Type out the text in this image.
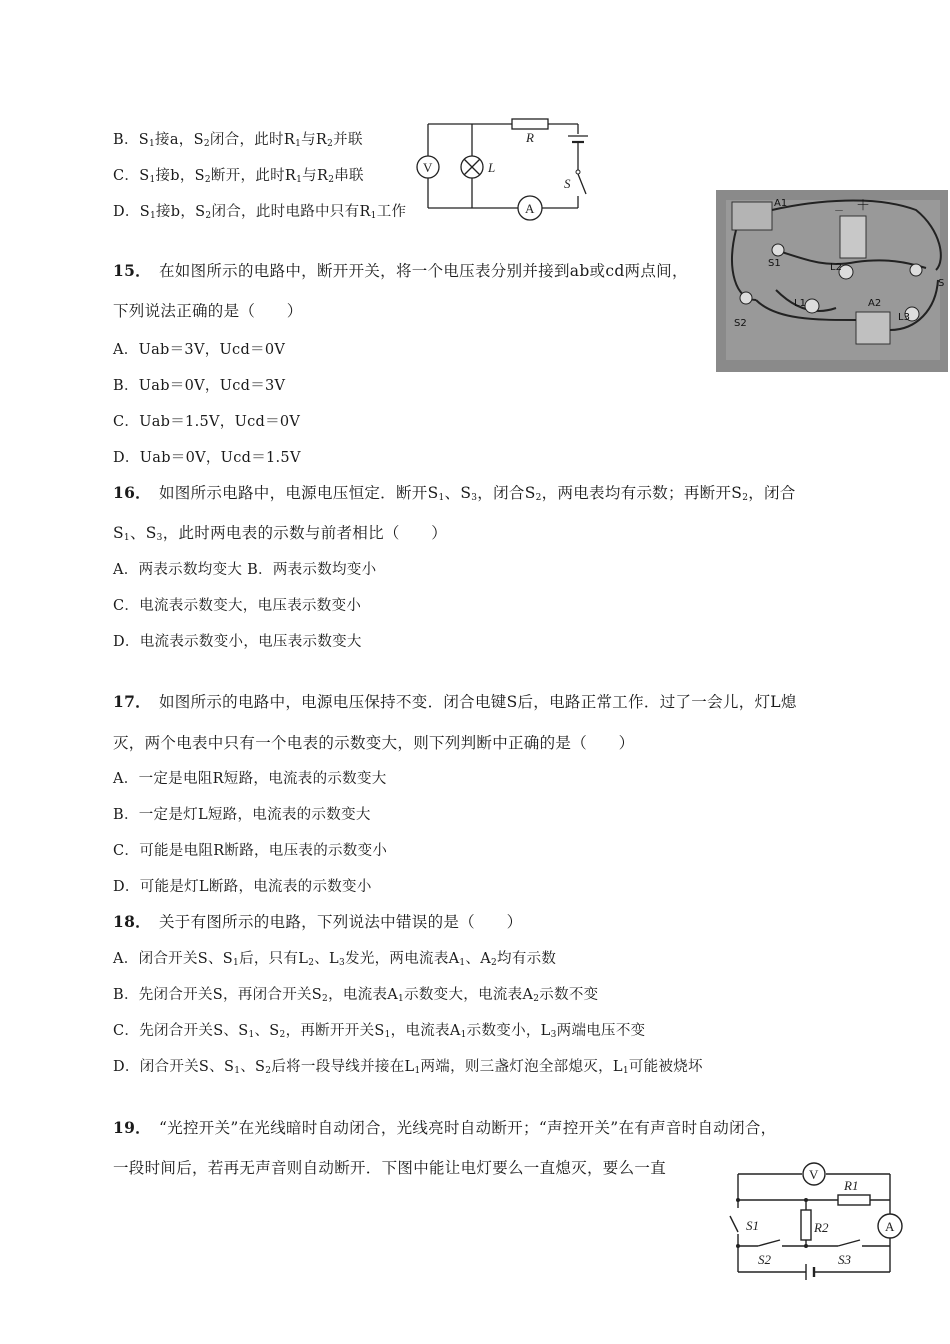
B．$S_1$接a，$S_2$闭合，此时$R_1$与$R_2$并联
C．$S_1$接b，$S_2$断开，此时$R_1$与$R_2$串联
D．$S_1$接b，$S_2$闭合，此时电路中只有$R_1$工作
V	L
R
S
A	A1
－ ＋
S1	L2
L1	A2
L3
S2
S
15． 在如图所示的电路中，断开开关，将一个电压表分别并接到ab或cd两点间，
下列说法正确的是（　　）
A．Uab＝3V，Ucd＝0V
B．Uab＝0V，Ucd＝3V
C．Uab＝1.5V，Ucd＝0V
D．Uab＝0V，Ucd＝1.5V
16． 如图所示电路中，电源电压恒定．断开$S_1$、$S_3$，闭合$S_2$，两电表均有示数；再断开$S_2$，闭合
$S_1$、$S_3$，此时两电表的示数与前者相比（　　）
A．两表示数均变大 B．两表示数均变小
C．电流表示数变大，电压表示数变小
D．电流表示数变小，电压表示数变大
17． 如图所示的电路中，电源电压保持不变．闭合电键S后，电路正常工作．过了一会儿，灯L熄
灭，两个电表中只有一个电表的示数变大，则下列判断中正确的是（　　）
A．一定是电阻R短路，电流表的示数变大
B．一定是灯L短路，电流表的示数变大
C．可能是电阻R断路，电压表的示数变小
D．可能是灯L断路，电流表的示数变小
18． 关于有图所示的电路，下列说法中错误的是（　　）
A．闭合开关S、$S_1$后，只有$L_2$、$L_3$发光，两电流表$A_1$、$A_2$均有示数
B．先闭合开关S，再闭合开关$S_2$，电流表$A_1$示数变大，电流表$A_2$示数不变
C．先闭合开关S、$S_1$、$S_2$，再断开开关$S_1$，电流表$A_1$示数变小，$L_3$两端电压不变
D．闭合开关S、$S_1$、$S_2$后将一段导线并接在$L_1$两端，则三盏灯泡全部熄灭，$L_1$可能被烧坏
19． “光控开关”在光线暗时自动闭合，光线亮时自动断开；“声控开关”在有声音时自动闭合，
一段时间后，若再无声音则自动断开．下图中能让电灯要么一直熄灭，要么一直	V
R1
R2	A
S1
S2	S3
